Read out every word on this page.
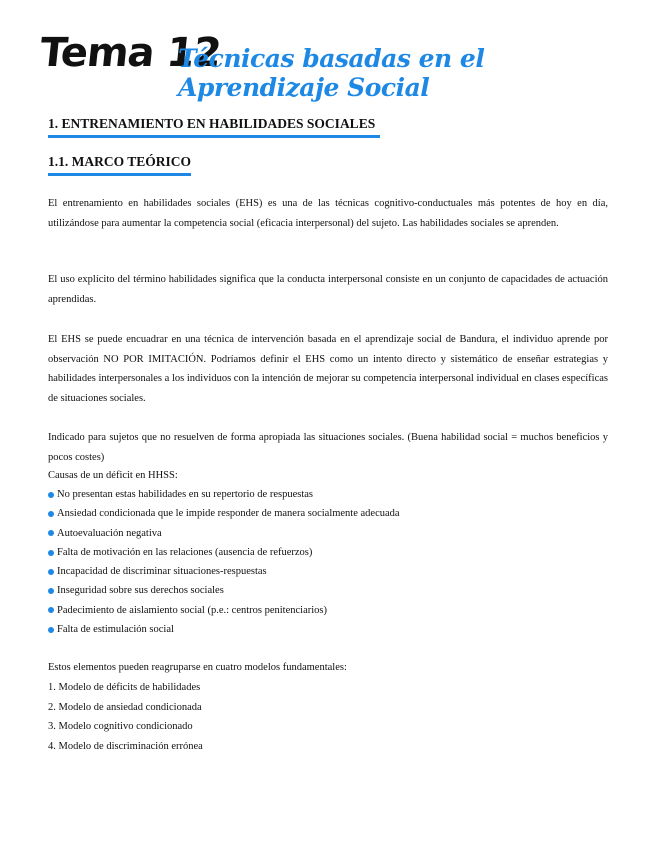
Tema 12
Técnicas basadas en el Aprendizaje Social
1. ENTRENAMIENTO EN HABILIDADES SOCIALES
1.1. MARCO TEÓRICO

El entrenamiento en habilidades sociales (EHS) es una de las técnicas cognitivo-conductuales más potentes de hoy en día, utilizándose para aumentar la competencia social (eficacia interpersonal) del sujeto. Las habilidades sociales se aprenden.

El uso explícito del término habilidades significa que la conducta interpersonal consiste en un conjunto de capacidades de actuación aprendidas.

El EHS se puede encuadrar en una técnica de intervención basada en el aprendizaje social de Bandura, el individuo aprende por observación NO POR IMITACIÓN. Podríamos definir el EHS como un intento directo y sistemático de enseñar estrategias y habilidades interpersonales a los individuos con la intención de mejorar su competencia interpersonal individual en clases específicas de situaciones sociales.

Indicado para sujetos que no resuelven de forma apropiada las situaciones sociales. (Buena habilidad social = muchos beneficios y pocos costes)

Causas de un déficit en HHSS:
No presentan estas habilidades en su repertorio de respuestas
Ansiedad condicionada que le impide responder de manera socialmente adecuada
Autoevaluación negativa
Falta de motivación en las relaciones (ausencia de refuerzos)
Incapacidad de discriminar situaciones-respuestas
Inseguridad sobre sus derechos sociales
Padecimiento de aislamiento social (p.e.: centros penitenciarios)
Falta de estimulación social
Estos elementos pueden reagruparse en cuatro modelos fundamentales:
1. Modelo de déficits de habilidades
2. Modelo de ansiedad condicionada
3. Modelo cognitivo condicionado
4. Modelo de discriminación errónea
